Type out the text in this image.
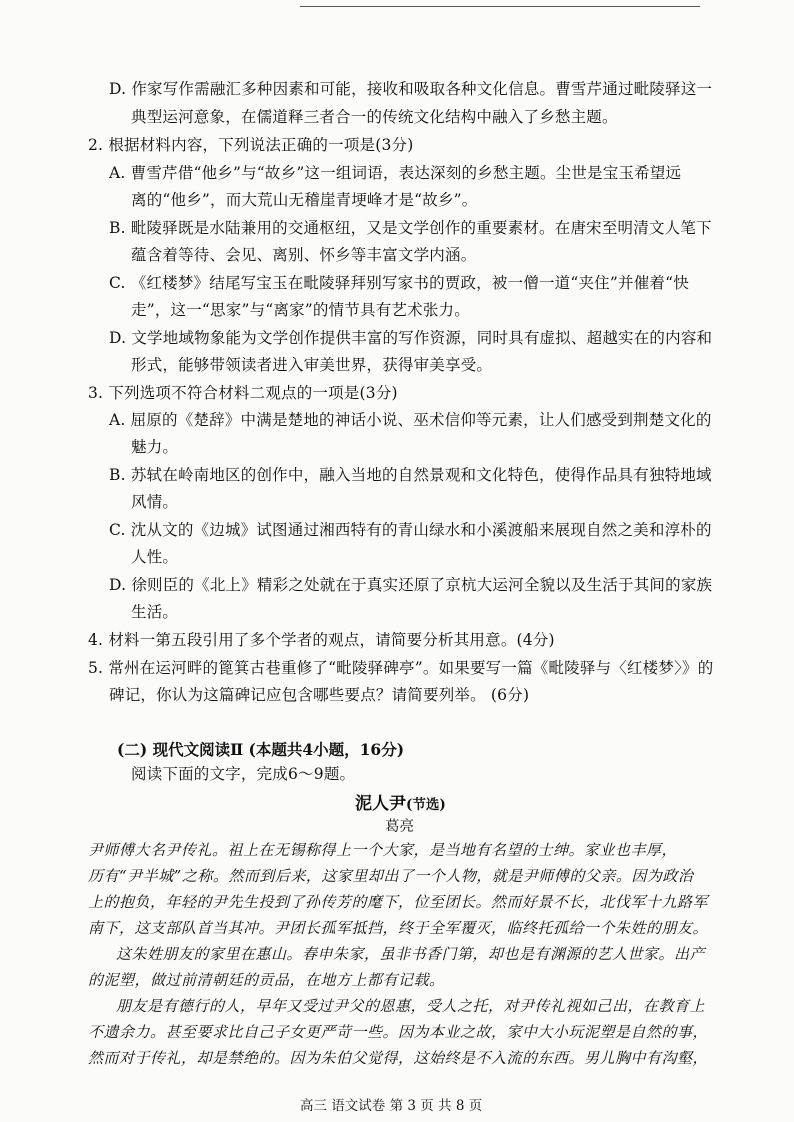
D. 作家写作需融汇多种因素和可能，接收和吸取各种文化信息。曹雪芹通过毗陵驿这一
典型运河意象，在儒道释三者合一的传统文化结构中融入了乡愁主题。
2. 根据材料内容，下列说法正确的一项是(3分)
A. 曹雪芹借“他乡”与“故乡”这一组词语，表达深刻的乡愁主题。尘世是宝玉希望远
离的“他乡”，而大荒山无稽崖青埂峰才是“故乡”。
B. 毗陵驿既是水陆兼用的交通枢纽，又是文学创作的重要素材。在唐宋至明清文人笔下
蕴含着等待、会见、离别、怀乡等丰富文学内涵。
C. 《红楼梦》结尾写宝玉在毗陵驿拜别写家书的贾政，被一僧一道“夹住”并催着“快
走”，这一“思家”与“离家”的情节具有艺术张力。
D. 文学地域物象能为文学创作提供丰富的写作资源，同时具有虚拟、超越实在的内容和
形式，能够带领读者进入审美世界，获得审美享受。
3. 下列选项不符合材料二观点的一项是(3分)
A. 屈原的《楚辞》中满是楚地的神话小说、巫术信仰等元素，让人们感受到荆楚文化的
魅力。
B. 苏轼在岭南地区的创作中，融入当地的自然景观和文化特色，使得作品具有独特地域
风情。
C. 沈从文的《边城》试图通过湘西特有的青山绿水和小溪渡船来展现自然之美和淳朴的
人性。
D. 徐则臣的《北上》精彩之处就在于真实还原了京杭大运河全貌以及生活于其间的家族
生活。
4. 材料一第五段引用了多个学者的观点，请简要分析其用意。(4分)
5. 常州在运河畔的篦箕古巷重修了“毗陵驿碑亭”。如果要写一篇《毗陵驿与〈红楼梦〉》的
碑记，你认为这篇碑记应包含哪些要点？请简要列举。 (6分)
(二) 现代文阅读Ⅱ (本题共4小题，16分)
阅读下面的文字，完成6～9题。
泥人尹(节选)
葛亮
尹师傅大名尹传礼。祖上在无锡称得上一个大家，是当地有名望的士绅。家业也丰厚，
历有“尹半城”之称。然而到后来，这家里却出了一个人物，就是尹师傅的父亲。因为政治
上的抱负，年轻的尹先生投到了孙传芳的麾下，位至团长。然而好景不长，北伐军十九路军
南下，这支部队首当其冲。尹团长孤军抵挡，终于全军覆灭，临终托孤给一个朱姓的朋友。
这朱姓朋友的家里在惠山。春申朱家，虽非书香门第，却也是有渊源的艺人世家。出产
的泥塑，做过前清朝廷的贡品，在地方上都有记载。
朋友是有德行的人，早年又受过尹父的恩惠，受人之托，对尹传礼视如己出，在教育上
不遗余力。甚至要求比自己子女更严苛一些。因为本业之故，家中大小玩泥塑是自然的事，
然而对于传礼，却是禁绝的。因为朱伯父觉得，这始终是不入流的东西。男儿胸中有沟壑，
高三 语文试卷 第 3 页 共 8 页
